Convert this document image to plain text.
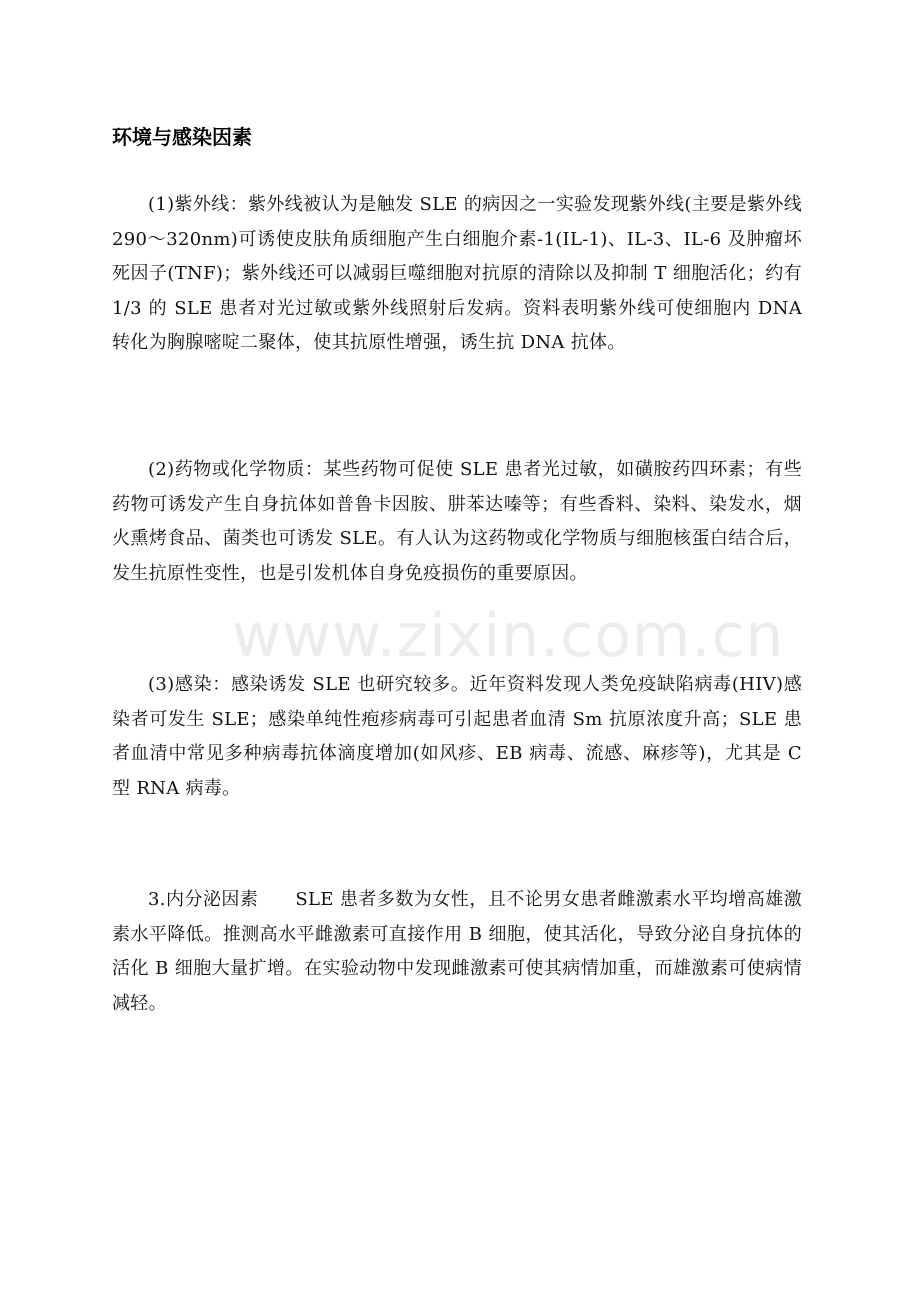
环境与感染因素

(1)紫外线：紫外线被认为是触发 SLE 的病因之一实验发现紫外线(主要是紫外线 290～320nm)可诱使皮肤角质细胞产生白细胞介素-1(IL-1)、IL-3、IL-6 及肿瘤坏死因子(TNF)；紫外线还可以减弱巨噬细胞对抗原的清除以及抑制 T 细胞活化；约有 1/3 的 SLE 患者对光过敏或紫外线照射后发病。资料表明紫外线可使细胞内 DNA 转化为胸腺嘧啶二聚体，使其抗原性增强，诱生抗 DNA 抗体。

(2)药物或化学物质：某些药物可促使 SLE 患者光过敏，如磺胺药四环素；有些药物可诱发产生自身抗体如普鲁卡因胺、肼苯达嗪等；有些香料、染料、染发水，烟火熏烤食品、菌类也可诱发 SLE。有人认为这药物或化学物质与细胞核蛋白结合后，发生抗原性变性，也是引发机体自身免疫损伤的重要原因。

(3)感染：感染诱发 SLE 也研究较多。近年资料发现人类免疫缺陷病毒(HIV)感染者可发生 SLE；感染单纯性疱疹病毒可引起患者血清 Sm 抗原浓度升高；SLE 患者血清中常见多种病毒抗体滴度增加(如风疹、EB 病毒、流感、麻疹等)，尤其是 C 型 RNA 病毒。

3.内分泌因素　　SLE 患者多数为女性，且不论男女患者雌激素水平均增高雄激素水平降低。推测高水平雌激素可直接作用 B 细胞，使其活化，导致分泌自身抗体的活化 B 细胞大量扩增。在实验动物中发现雌激素可使其病情加重，而雄激素可使病情减轻。

www.zixin.com.cn
